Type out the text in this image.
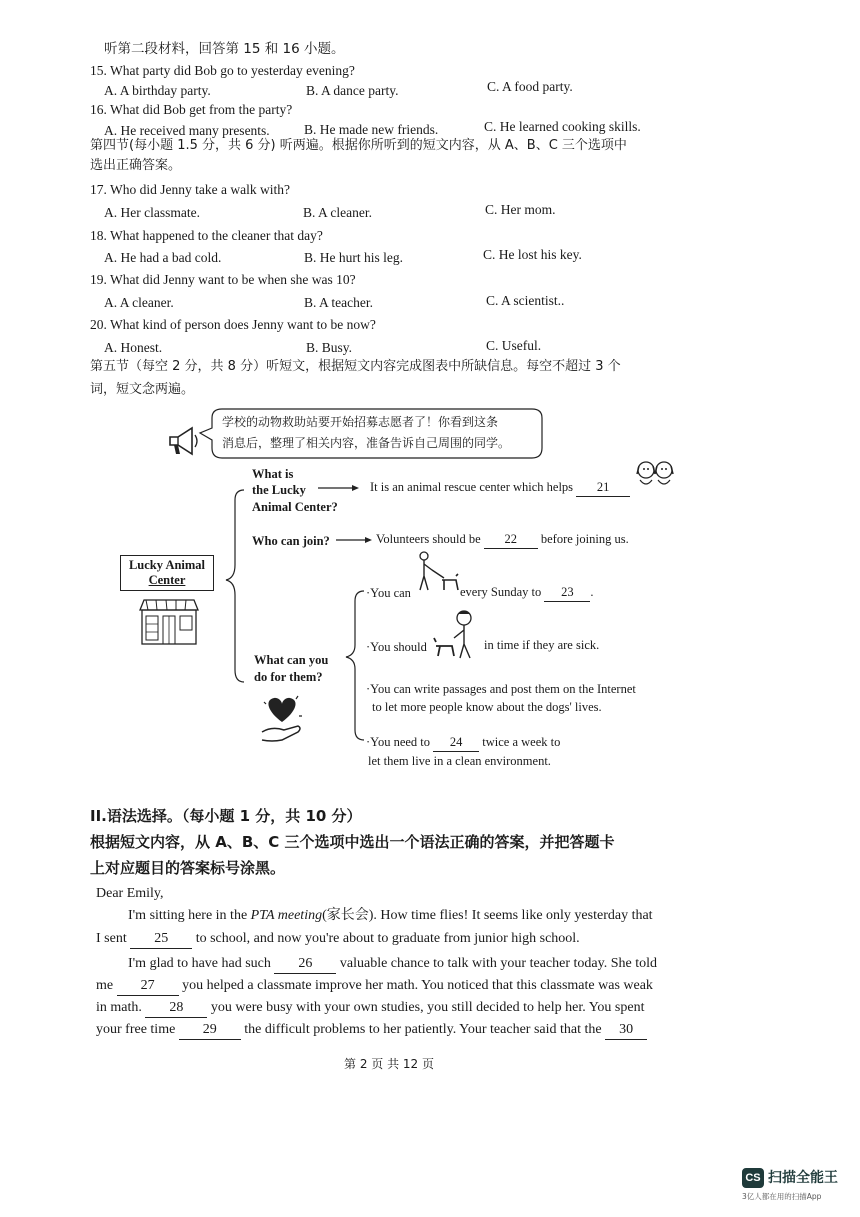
听第二段材料，回答第 15 和 16 小题。
15. What party did Bob go to yesterday evening?
A. A birthday party.	B. A dance party.	C. A food party.
16. What did Bob get from the party?
A. He received many presents.	B. He made new friends.	C. He learned cooking skills.
第四节(每小题 1.5 分，共 6 分) 听两遍。根据你所听到的短文内容，从 A、B、C 三个选项中
选出正确答案。
17. Who did Jenny take a walk with?
A. Her classmate.	B. A cleaner.	C. Her mom.
18. What happened to the cleaner that day?
A. He had a bad cold.	B. He hurt his leg.	C. He lost his key.
19. What did Jenny want to be when she was 10?
A. A cleaner.	B. A teacher.	C. A scientist..
20. What kind of person does Jenny want to be now?
A. Honest.	B. Busy.	C. Useful.
第五节（每空 2 分，共 8 分）听短文，根据短文内容完成图表中所缺信息。每空不超过 3 个
词，短文念两遍。
学校的动物救助站要开始招募志愿者了！你看到这条
消息后，整理了相关内容，准备告诉自己周围的同学。
Lucky Animal
Center
What is
the Lucky
Animal Center?
It is an animal rescue center which helps 21
Who can join?	Volunteers should be 22 before joining us.
What can you
do for them?
·You can	every Sunday to 23 .
·You should	in time if they are sick.
·You can write passages and post them on the Internet
to let more people know about the dogs' lives.
·You need to 24 twice a week to
let them live in a clean environment.
II.语法选择。（每小题 1 分，共 10 分）
根据短文内容，从 A、B、C 三个选项中选出一个语法正确的答案，并把答题卡
上对应题目的答案标号涂黑。
Dear Emily,
I'm sitting here in the PTA meeting(家长会). How time flies! It seems like only yesterday that
I sent 25 to school, and now you're about to graduate from junior high school.
I'm glad to have had such 26 valuable chance to talk with your teacher today. She told
me 27 you helped a classmate improve her math. You noticed that this classmate was weak
in math. 28 you were busy with your own studies, you still decided to help her. You spent
your free time 29 the difficult problems to her patiently. Your teacher said that the 30
第 2 页 共 12 页
CS 扫描全能王
3亿人都在用的扫描App
